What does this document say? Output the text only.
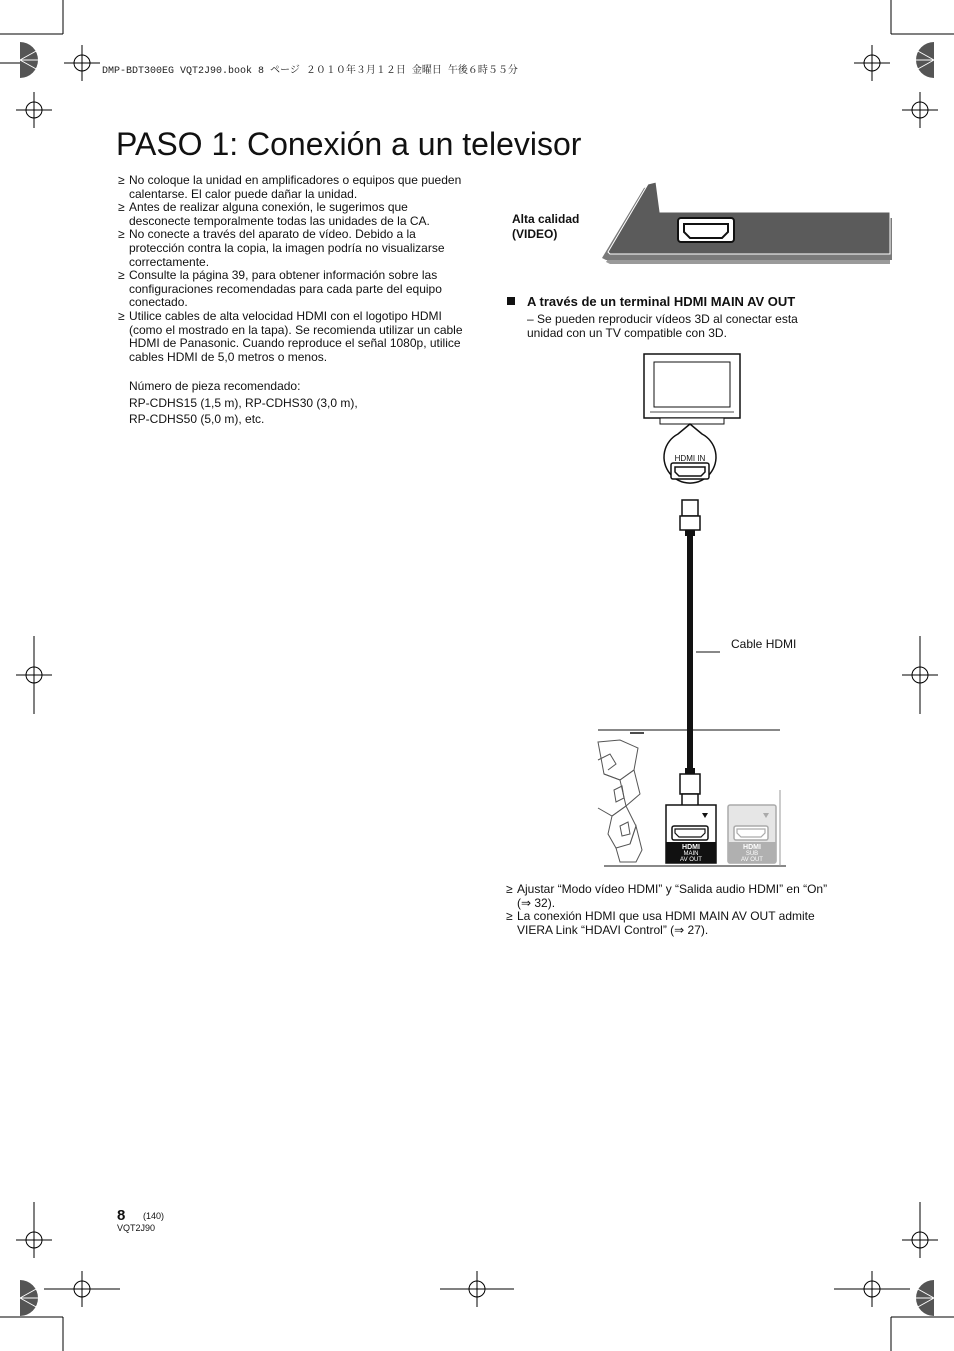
DMP-BDT300EG VQT2J90.book 8 ページ ２０１０年３月１２日 金曜日 午後６時５５分
PASO 1: Conexión a un televisor
≥ No coloque la unidad en amplificadores o equipos que pueden calentarse. El calor puede dañar la unidad.
≥ Antes de realizar alguna conexión, le sugerimos que desconecte temporalmente todas las unidades de la CA.
≥ No conecte a través del aparato de vídeo. Debido a la protección contra la copia, la imagen podría no visualizarse correctamente.
≥ Consulte la página 39, para obtener información sobre las configuraciones recomendadas para cada parte del equipo conectado.
≥ Utilice cables de alta velocidad HDMI con el logotipo HDMI (como el mostrado en la tapa). Se recomienda utilizar un cable HDMI de Panasonic. Cuando reproduce el señal 1080p, utilice cables HDMI de 5,0 metros o menos.
Número de pieza recomendado:
RP-CDHS15 (1,5 m), RP-CDHS30 (3,0 m),
RP-CDHS50 (5,0 m), etc.
Alta calidad
(VIDEO)
A través de un terminal HDMI MAIN AV OUT
– Se pueden reproducir vídeos 3D al conectar esta unidad con un TV compatible con 3D.
HDMI IN
HDMI
MAIN
AV OUT
HDMI
SUB
AV OUT
Cable HDMI
≥ Ajustar “Modo vídeo HDMI” y “Salida audio HDMI” en “On”
(⇒ 32).
≥ La conexión HDMI que usa HDMI MAIN AV OUT admite VIERA Link “HDAVI Control” (⇒ 27).
8 (140)
VQT2J90
